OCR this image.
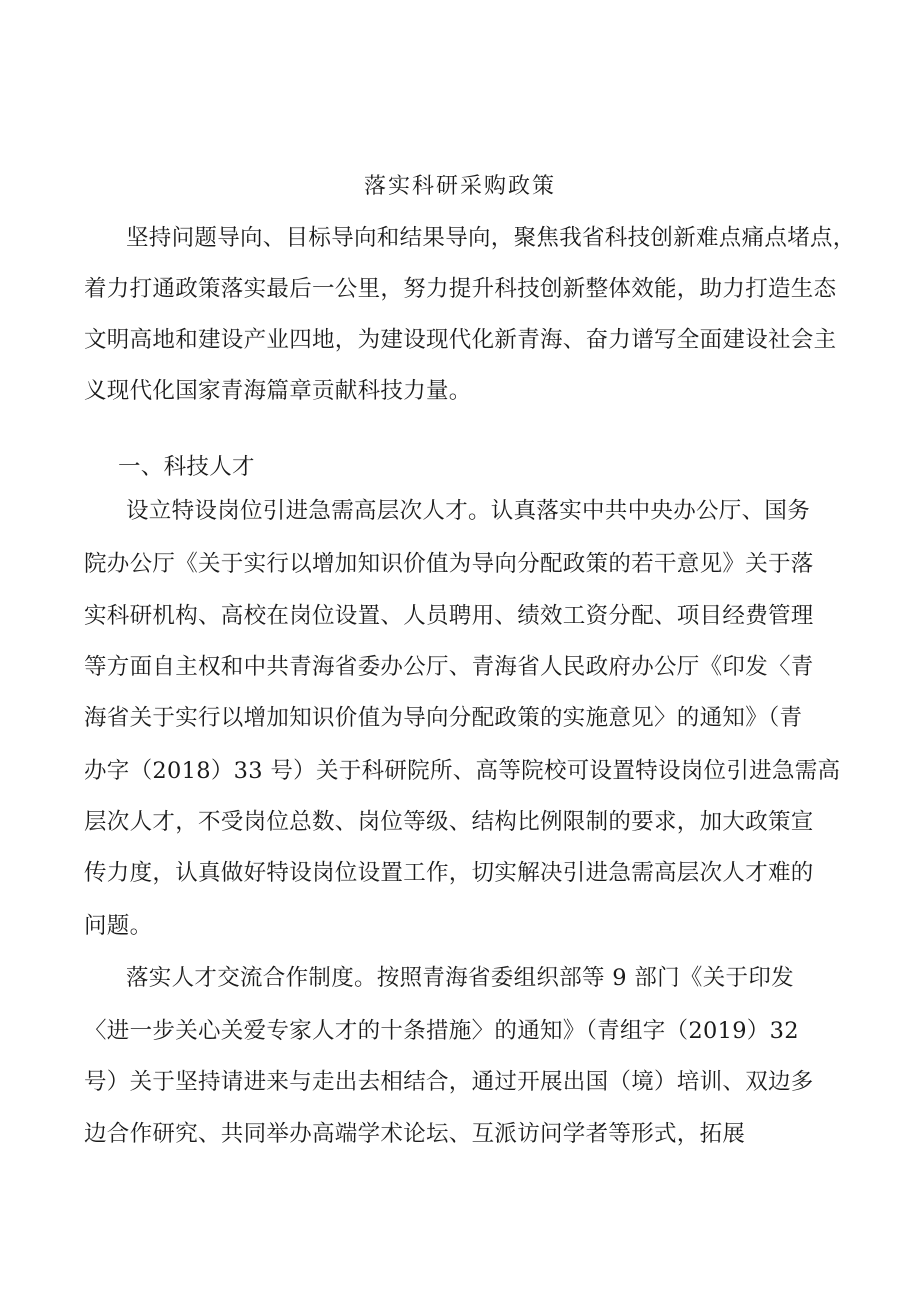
落实科研采购政策
坚持问题导向、目标导向和结果导向，聚焦我省科技创新难点痛点堵点，
着力打通政策落实最后一公里，努力提升科技创新整体效能，助力打造生态
文明高地和建设产业四地，为建设现代化新青海、奋力谱写全面建设社会主
义现代化国家青海篇章贡献科技力量。
一、科技人才
设立特设岗位引进急需高层次人才。认真落实中共中央办公厅、国务
院办公厅《关于实行以增加知识价值为导向分配政策的若干意见》关于落
实科研机构、高校在岗位设置、人员聘用、绩效工资分配、项目经费管理
等方面自主权和中共青海省委办公厅、青海省人民政府办公厅《印发〈青
海省关于实行以增加知识价值为导向分配政策的实施意见〉的通知》（青
办字（2018）33 号）关于科研院所、高等院校可设置特设岗位引进急需高
层次人才，不受岗位总数、岗位等级、结构比例限制的要求，加大政策宣
传力度，认真做好特设岗位设置工作，切实解决引进急需高层次人才难的
问题。
落实人才交流合作制度。按照青海省委组织部等 9 部门《关于印发
〈进一步关心关爱专家人才的十条措施〉的通知》（青组字（2019）32
号）关于坚持请进来与走出去相结合，通过开展出国（境）培训、双边多
边合作研究、共同举办高端学术论坛、互派访问学者等形式，拓展
